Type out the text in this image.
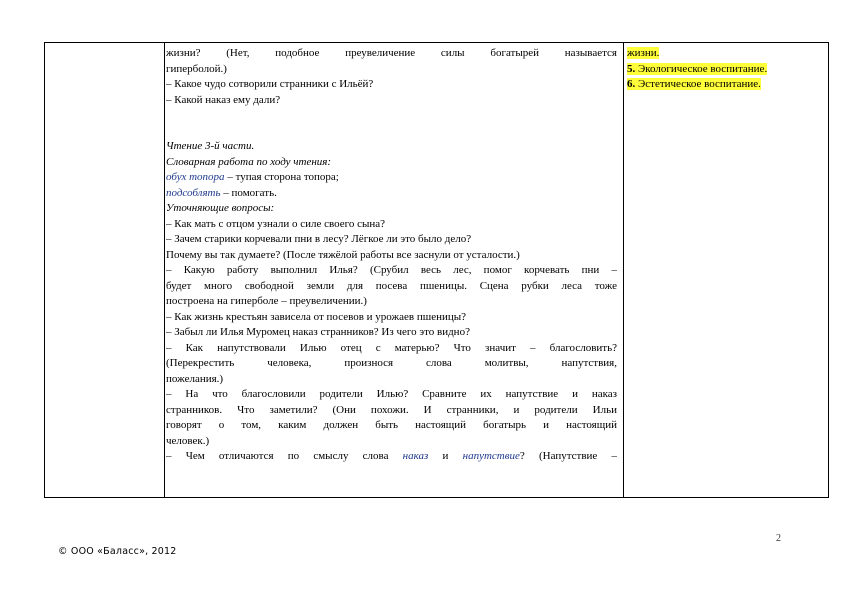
жизни? (Нет, подобное преувеличение силы богатырей называется
гиперболой.)
– Какое чудо сотворили странники с Ильёй?
– Какой наказ ему дали?
Чтение 3-й части.
Словарная работа по ходу чтения:
обух топора – тупая сторона топора;
подсоблять – помогать.
Уточняющие вопросы:
– Как мать с отцом узнали о силе своего сына?
– Зачем старики корчевали пни в лесу? Лёгкое ли это было дело?
Почему вы так думаете? (После тяжёлой работы все заснули от усталости.)
– Какую работу выполнил Илья? (Срубил весь лес, помог корчевать пни –
будет много свободной земли для посева пшеницы. Сцена рубки леса тоже
построена на гиперболе – преувеличении.)
– Как жизнь крестьян зависела от посевов и урожаев пшеницы?
– Забыл ли Илья Муромец наказ странников? Из чего это видно?
– Как напутствовали Илью отец с матерью? Что значит – благословить?
(Перекрестить человека, произнося слова молитвы, напутствия,
пожелания.)
– На что благословили родители Илью? Сравните их напутствие и наказ
странников. Что заметили? (Они похожи. И странники, и родители Ильи
говорят о том, каким должен быть настоящий богатырь и настоящий
человек.)
– Чем отличаются по смыслу слова наказ и напутствие? (Напутствие –
жизни.
5. Экологическое воспитание.
6. Эстетическое воспитание.
2
© ООО «Баласс», 2012
